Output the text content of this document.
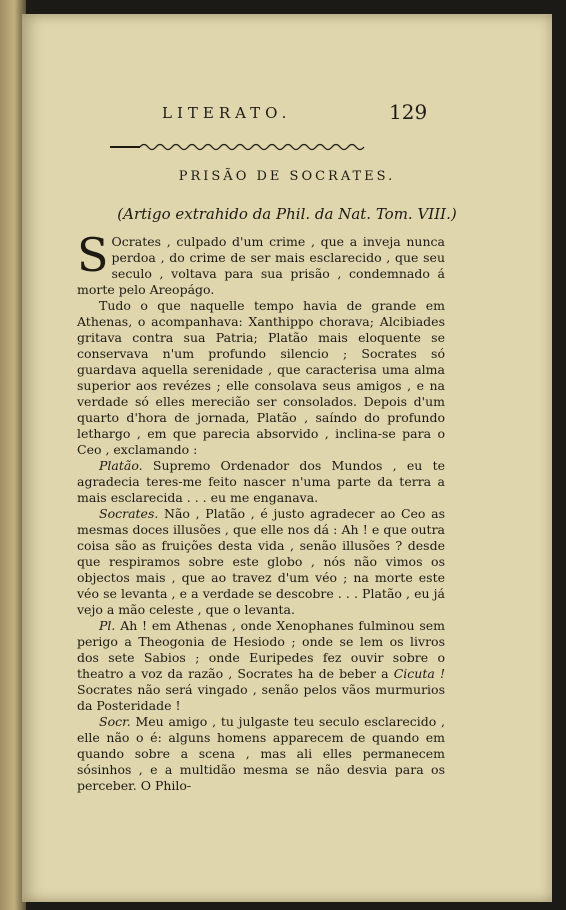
LITERATO.	129
PRISÃO DE SOCRATES.
(Artigo extrahido da Phil. da Nat. Tom. VIII.)

S Ocrates , culpado d'um crime , que a inveja nunca perdoa , do crime de ser mais esclarecido , que seu seculo , voltava para sua prisão , condemnado á morte pelo Areopágo.

Tudo o que naquelle tempo havia de grande em Athenas, o acompanhava: Xanthippo chorava; Alcibiades gritava contra sua Patria; Platão mais eloquente se conservava n'um profundo silencio ; Socrates só guardava aquella serenidade , que caracterisa uma alma superior aos revézes ; elle consolava seus amigos , e na verdade só elles merecião ser consolados. Depois d'um quarto d'hora de jornada, Platão , saíndo do profundo lethargo , em que parecia absorvido , inclina-se para o Ceo , exclamando :

Platão. Supremo Ordenador dos Mundos , eu te agradecia teres-me feito nascer n'uma parte da terra a mais esclarecida . . . eu me enganava.

Socrates. Não , Platão , é justo agradecer ao Ceo as mesmas doces illusões , que elle nos dá : Ah ! e que outra coisa são as fruições desta vida , senão illusões ? desde que respiramos sobre este globo , nós não vimos os objectos mais , que ao travez d'um véo ; na morte este véo se levanta , e a verdade se descobre . . . Platão , eu já vejo a mão celeste , que o levanta.

Pl. Ah ! em Athenas , onde Xenophanes fulminou sem perigo a Theogonia de Hesiodo ; onde se lem os livros dos sete Sabios ; onde Euripedes fez ouvir sobre o theatro a voz da razão , Socrates ha de beber a Cicuta ! Socrates não será vingado , senão pelos vãos murmurios da Posteridade !

Socr. Meu amigo , tu julgaste teu seculo esclarecido , elle não o é: alguns homens apparecem de quando em quando sobre a scena , mas ali elles permanecem sósinhos , e a multidão mesma se não desvia para os perceber. O Philo-
